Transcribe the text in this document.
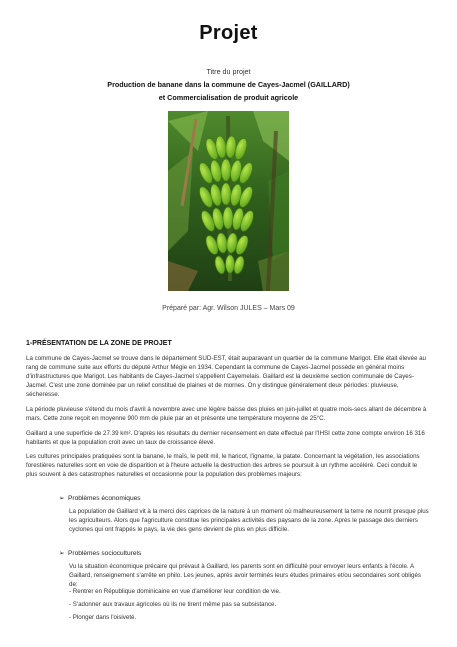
Projet
Titre du projet
Production de banane dans la commune de Cayes-Jacmel (GAILLARD)
et Commercialisation de produit agricole
Préparé par: Agr. Wilson JULES – Mars 09
1-PRÉSENTATION DE LA ZONE DE PROJET

La commune de Cayes-Jacmel se trouve dans le département SUD-EST, était auparavant un quartier de la commune Marigot. Elle était élevée au rang de commune suite aux efforts du député Arthur Mégie en 1934. Cependant la commune de Cayes-Jacmel possède en général moins d'infrastructures que Marigot. Les habitants de Cayes-Jacmel s'appellent Cayemelais. Gaillard est la deuxième section communale de Cayes-Jacmel. C'est une zone dominée par un relief constitué de plaines et de mornes. On y distingue généralement deux périodes: pluvieuse, sécheresse.

La période pluvieuse s'étend du mois d'avril à novembre avec une légère baisse des pluies en juin-juillet et quatre mois-secs allant de décembre à mars. Cette zone reçoit en moyenne 900 mm de pluie par an et présente une température moyenne de 25°C.

Gaillard a une superficie de 27.39 km². D'après les résultats du dernier recensement en date effectué par l'IHSI cette zone compte environ 16 316 habitants et que la population croit avec un taux de croissance élevé.

Les cultures principales pratiquées sont la banane, le maïs, le petit mil, le haricot, l'igname, la patate. Concernant la végétation, les associations forestières naturelles sont en voie de disparition et à l'heure actuelle la destruction des arbres se poursuit à un rythme accéléré. Ceci conduit le plus souvent à des catastrophes naturelles et occasionne pour la population des problèmes majeurs:

➢ Problèmes économiques

La population de Gaillard vit à la merci des caprices de la nature à un moment où malheureusement la terre ne nourrit presque plus les agriculteurs. Alors que l'agriculture constitue les principales activités des paysans de la zone. Après le passage des derniers cyclones qui ont frappés le pays, la vie des gens devient de plus en plus difficile.

➢ Problèmes socioculturels

Vu la situation économique précaire qui prévaut à Gaillard, les parents sont en difficulté pour envoyer leurs enfants à l'école. A Gaillard, renseignement s'arrête en philo. Les jeunes, après avoir terminés leurs études primaires et/ou secondaires sont obligés de:

- Rentrer en République dominicaine en vue d'améliorer leur condition de vie.
- S'adonner aux travaux agricoles où ils ne tirent même pas sa subsistance.
- Plonger dans l'oisiveté.
